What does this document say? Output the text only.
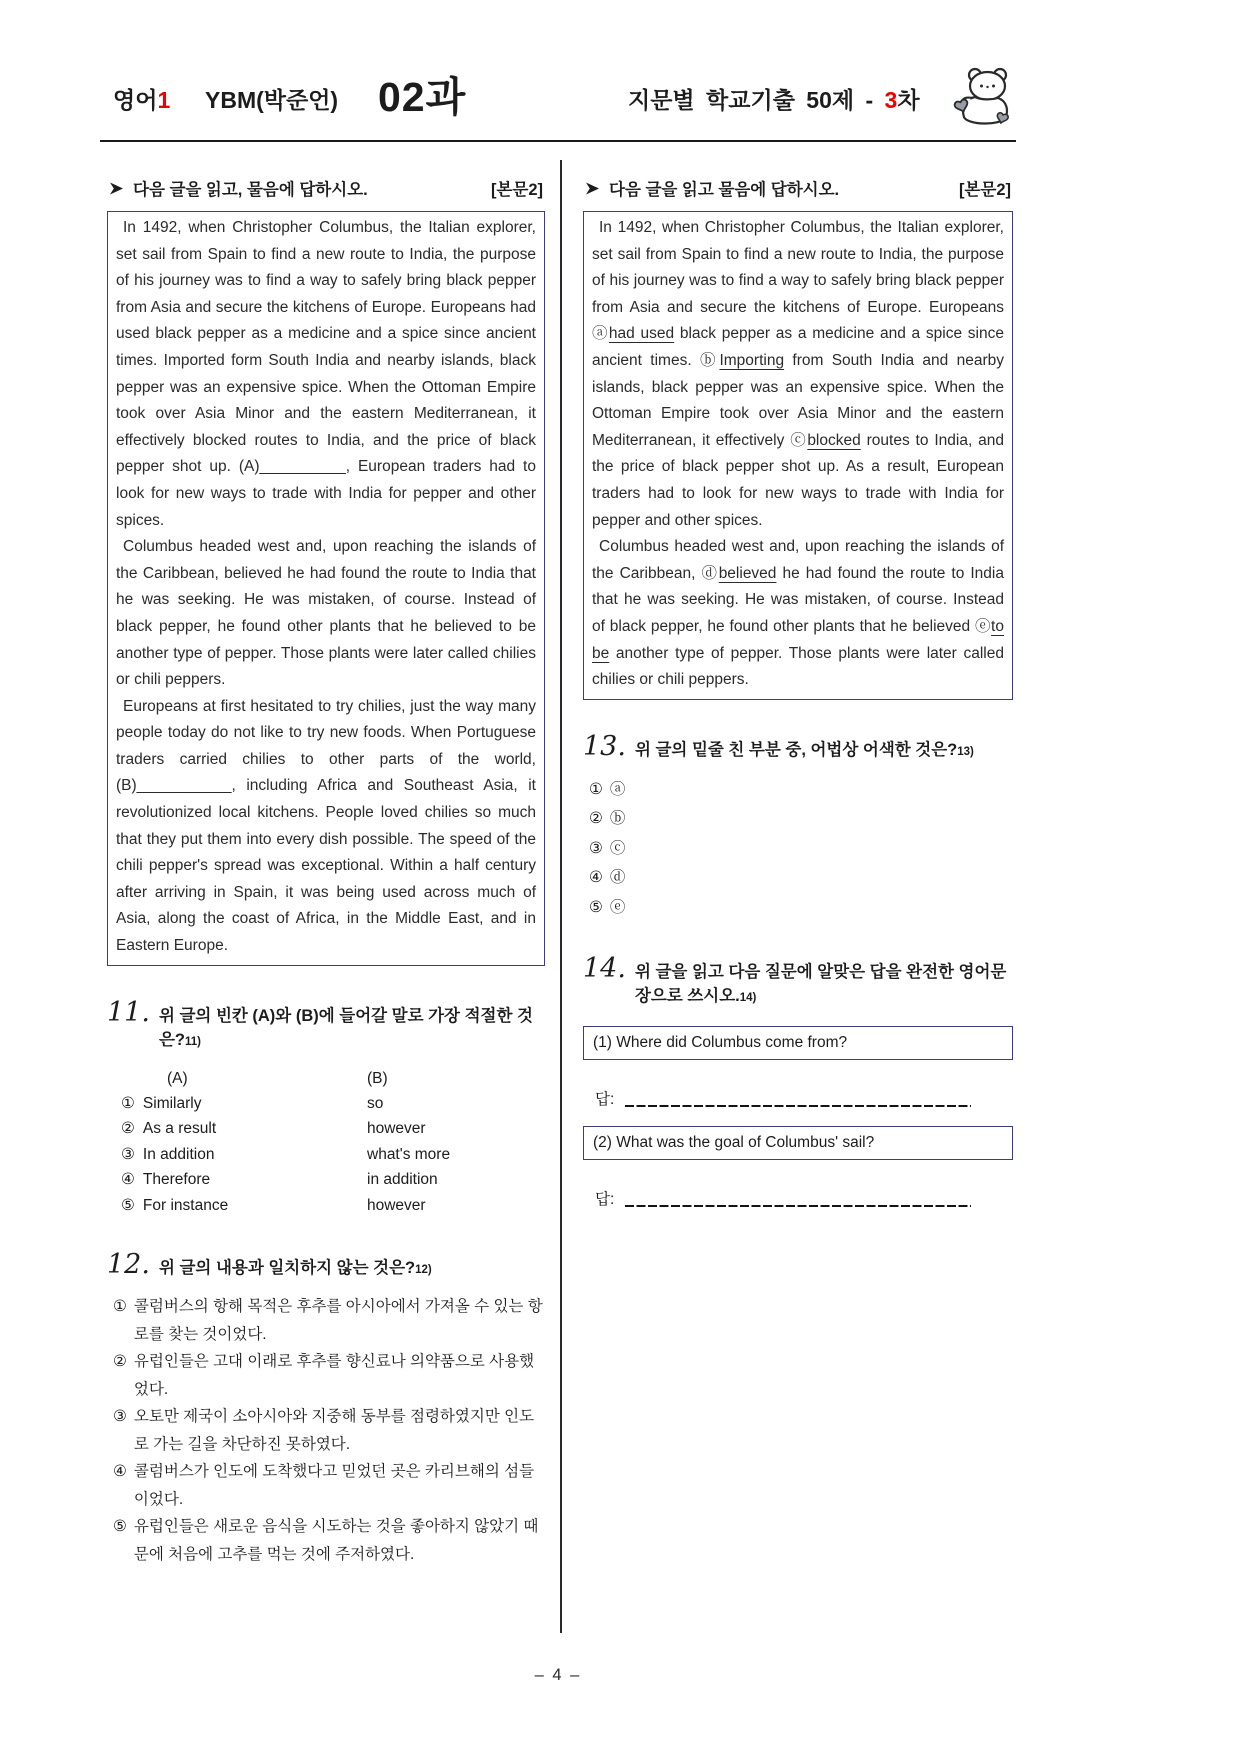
영어1 YBM(박준언) 02과	지문별 학교기출 50제 - 3차
다음 글을 읽고, 물음에 답하시오.	[본문2]

In 1492, when Christopher Columbus, the Italian explorer, set sail from Spain to find a new route to India, the purpose of his journey was to find a way to safely bring black pepper from Asia and secure the kitchens of Europe. Europeans had used black pepper as a medicine and a spice since ancient times. Imported form South India and nearby islands, black pepper was an expensive spice. When the Ottoman Empire took over Asia Minor and the eastern Mediterranean, it effectively blocked routes to India, and the price of black pepper shot up. (A)__________, European traders had to look for new ways to trade with India for pepper and other spices.

Columbus headed west and, upon reaching the islands of the Caribbean, believed he had found the route to India that he was seeking. He was mistaken, of course. Instead of black pepper, he found other plants that he believed to be another type of pepper. Those plants were later called chilies or chili peppers.

Europeans at first hesitated to try chilies, just the way many people today do not like to try new foods. When Portuguese traders carried chilies to other parts of the world, (B)___________, including Africa and Southeast Asia, it revolutionized local kitchens. People loved chilies so much that they put them into every dish possible. The speed of the chili pepper's spread was exceptional. Within a half century after arriving in Spain, it was being used across much of Asia, along the coast of Africa, in the Middle East, and in Eastern Europe.

11. 위 글의 빈칸 (A)와 (B)에 들어갈 말로 가장 적절한 것은?11)
(A)	(B)
① Similarly	so
② As a result	however
③ In addition	what's more
④ Therefore	in addition
⑤ For instance	however
12. 위 글의 내용과 일치하지 않는 것은?12)
① 콜럼버스의 항해 목적은 후추를 아시아에서 가져올 수 있는 항로를 찾는 것이었다.
② 유럽인들은 고대 이래로 후추를 향신료나 의약품으로 사용했었다.
③ 오토만 제국이 소아시아와 지중해 동부를 점령하였지만 인도로 가는 길을 차단하진 못하였다.
④ 콜럼버스가 인도에 도착했다고 믿었던 곳은 카리브해의 섬들이었다.
⑤ 유럽인들은 새로운 음식을 시도하는 것을 좋아하지 않았기 때문에 처음에 고추를 먹는 것에 주저하였다.
다음 글을 읽고 물음에 답하시오.	[본문2]

In 1492, when Christopher Columbus, the Italian explorer, set sail from Spain to find a new route to India, the purpose of his journey was to find a way to safely bring black pepper from Asia and secure the kitchens of Europe. Europeans ⓐhad used black pepper as a medicine and a spice since ancient times. ⓑImporting from South India and nearby islands, black pepper was an expensive spice. When the Ottoman Empire took over Asia Minor and the eastern Mediterranean, it effectively ⓒblocked routes to India, and the price of black pepper shot up. As a result, European traders had to look for new ways to trade with India for pepper and other spices.

Columbus headed west and, upon reaching the islands of the Caribbean, ⓓbelieved he had found the route to India that he was seeking. He was mistaken, of course. Instead of black pepper, he found other plants that he believed ⓔto be another type of pepper. Those plants were later called chilies or chili peppers.

13. 위 글의 밑줄 친 부분 중, 어법상 어색한 것은?13)
① ⓐ
② ⓑ
③ ⓒ
④ ⓓ
⑤ ⓔ
14. 위 글을 읽고 다음 질문에 알맞은 답을 완전한 영어문장으로 쓰시오.14)
(1) Where did Columbus come from?
답:
(2) What was the goal of Columbus' sail?
답:
– 4 –
